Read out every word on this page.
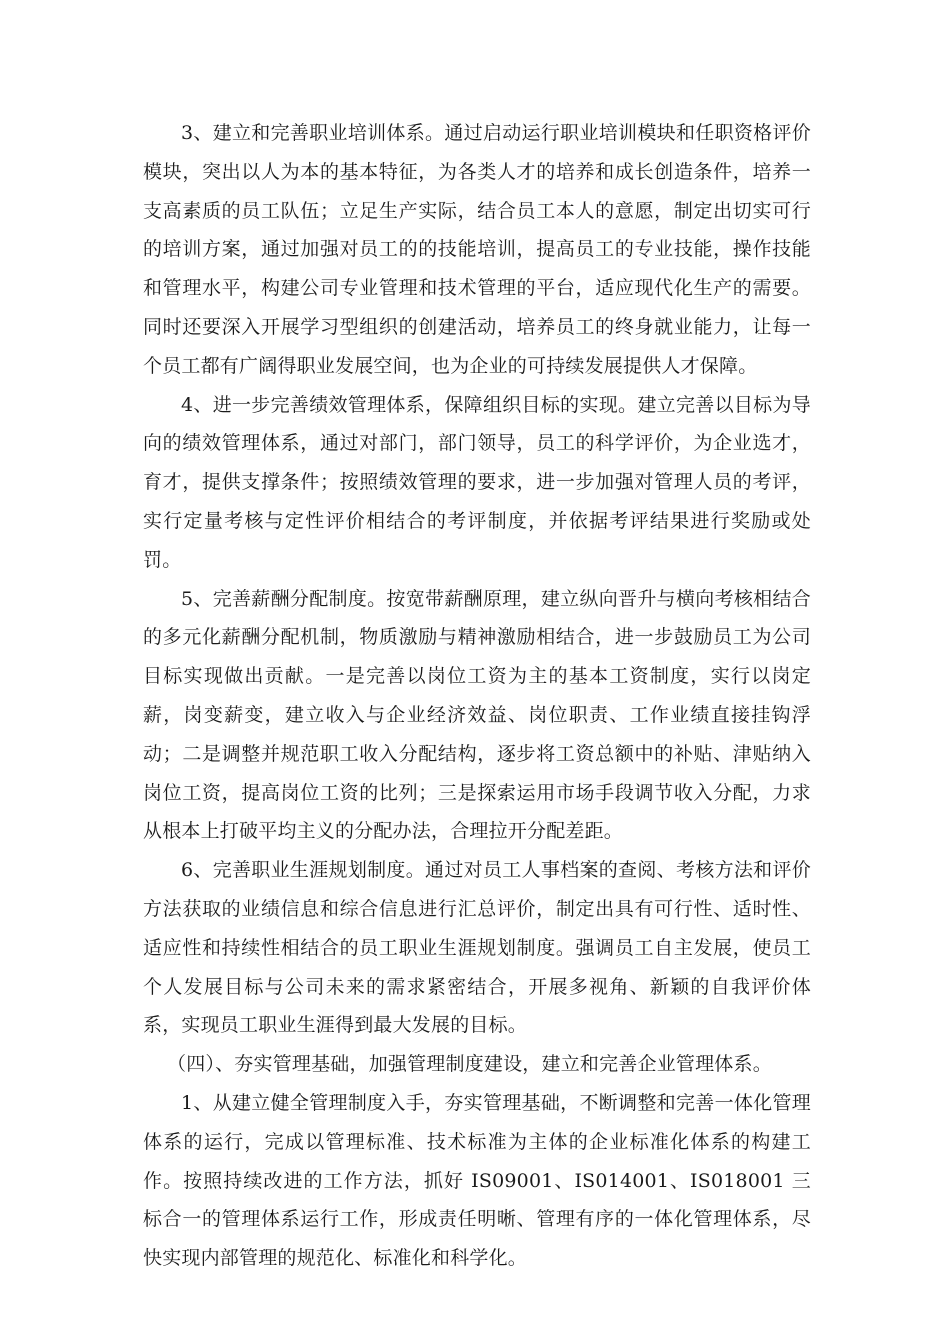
3、建立和完善职业培训体系。通过启动运行职业培训模块和任职资格评价模块，突出以人为本的基本特征，为各类人才的培养和成长创造条件，培养一支高素质的员工队伍；立足生产实际，结合员工本人的意愿，制定出切实可行的培训方案，通过加强对员工的的技能培训，提高员工的专业技能，操作技能和管理水平，构建公司专业管理和技术管理的平台，适应现代化生产的需要。同时还要深入开展学习型组织的创建活动，培养员工的终身就业能力，让每一个员工都有广阔得职业发展空间，也为企业的可持续发展提供人才保障。

4、进一步完善绩效管理体系，保障组织目标的实现。建立完善以目标为导向的绩效管理体系，通过对部门，部门领导，员工的科学评价，为企业选才，育才，提供支撑条件；按照绩效管理的要求，进一步加强对管理人员的考评，实行定量考核与定性评价相结合的考评制度，并依据考评结果进行奖励或处罚。

5、完善薪酬分配制度。按宽带薪酬原理，建立纵向晋升与横向考核相结合的多元化薪酬分配机制，物质激励与精神激励相结合，进一步鼓励员工为公司目标实现做出贡献。一是完善以岗位工资为主的基本工资制度，实行以岗定薪，岗变薪变，建立收入与企业经济效益、岗位职责、工作业绩直接挂钩浮动；二是调整并规范职工收入分配结构，逐步将工资总额中的补贴、津贴纳入岗位工资，提高岗位工资的比列；三是探索运用市场手段调节收入分配，力求从根本上打破平均主义的分配办法，合理拉开分配差距。

6、完善职业生涯规划制度。通过对员工人事档案的查阅、考核方法和评价方法获取的业绩信息和综合信息进行汇总评价，制定出具有可行性、适时性、适应性和持续性相结合的员工职业生涯规划制度。强调员工自主发展，使员工个人发展目标与公司未来的需求紧密结合，开展多视角、新颖的自我评价体系，实现员工职业生涯得到最大发展的目标。

（四）、夯实管理基础，加强管理制度建设，建立和完善企业管理体系。

1、从建立健全管理制度入手，夯实管理基础，不断调整和完善一体化管理体系的运行，完成以管理标准、技术标准为主体的企业标准化体系的构建工作。按照持续改进的工作方法，抓好 IS09001、IS014001、IS018001 三标合一的管理体系运行工作，形成责任明晰、管理有序的一体化管理体系，尽快实现内部管理的规范化、标准化和科学化。
